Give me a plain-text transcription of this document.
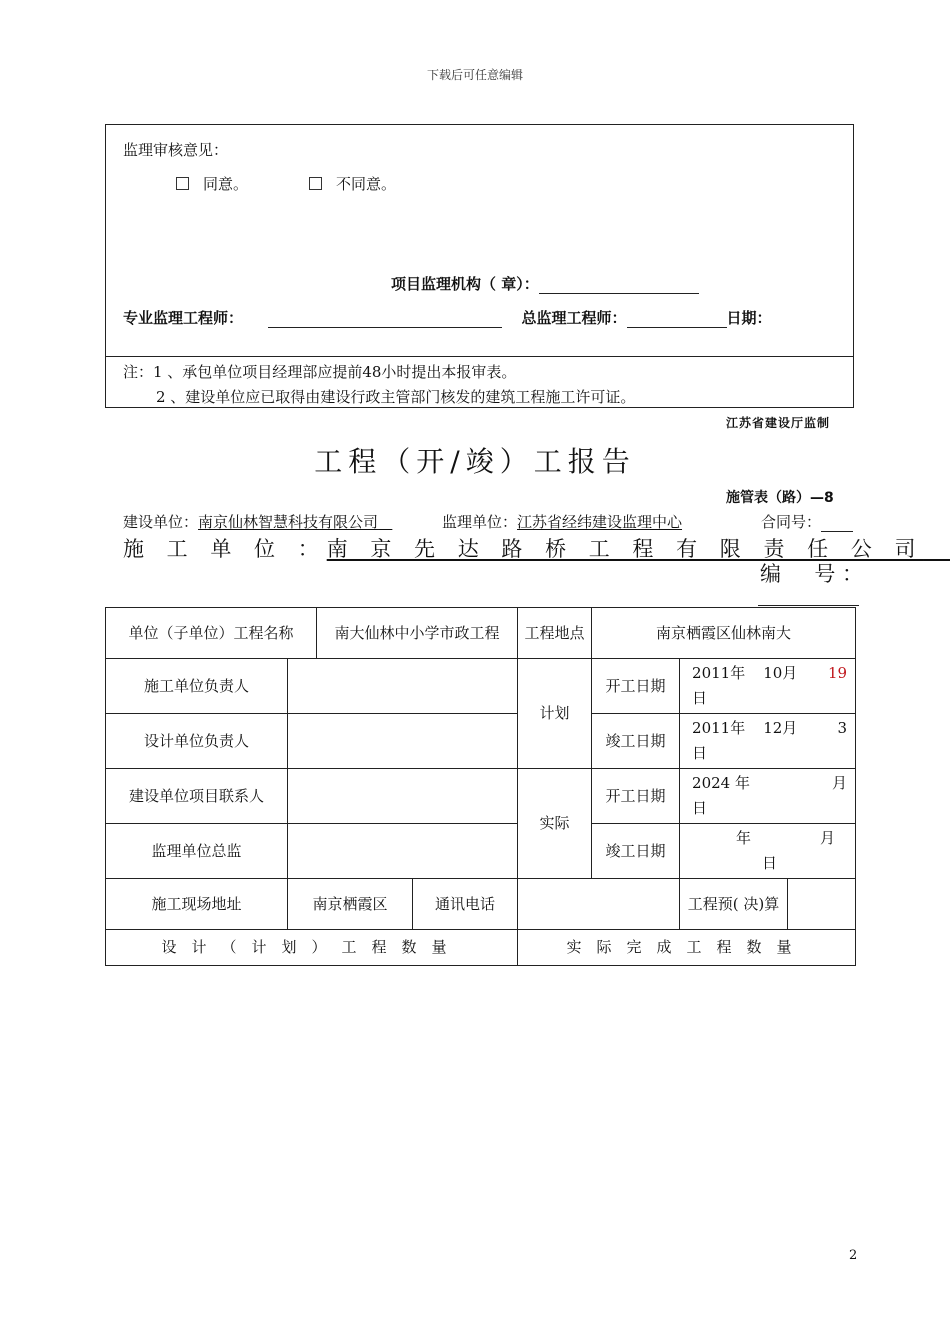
下载后可任意编辑
监理审核意见：
同意。	不同意。
项目监理机构（ 章）：
专业监理工程师：	总监理工程师：	日期：
注：1 、承包单位项目经理部应提前48小时提出本报审表。
2 、建设单位应已取得由建设行政主管部门核发的建筑工程施工许可证。
江苏省建设厅监制
工程（开/竣）工报告
施管表（路）—8
建设单位：南京仙林智慧科技有限公司	监理单位：江苏省经纬建设监理中心	合同号：
施 工 单 位 ：南 京 先 达 路 桥 工 程 有 限 责 任 公 司
编     号 ：
单位（子单位）工程名称		南大仙林中小学市政工程		工程地点	南京栖霞区仙林南大		
施工单位负责人				计划	开工日期	2011年 10月 19

日	
设计单位负责人					竣工日期	2011年 12月 3

日	
建设单位项目联系人				实际	开工日期	2024 年 月

日	
监理单位总监					竣工日期	年 月

日	
施工现场地址	南京栖霞区		通讯电话			工程预( 决)算	
设计（计划）工程数量				实际完成工程数量			
2
